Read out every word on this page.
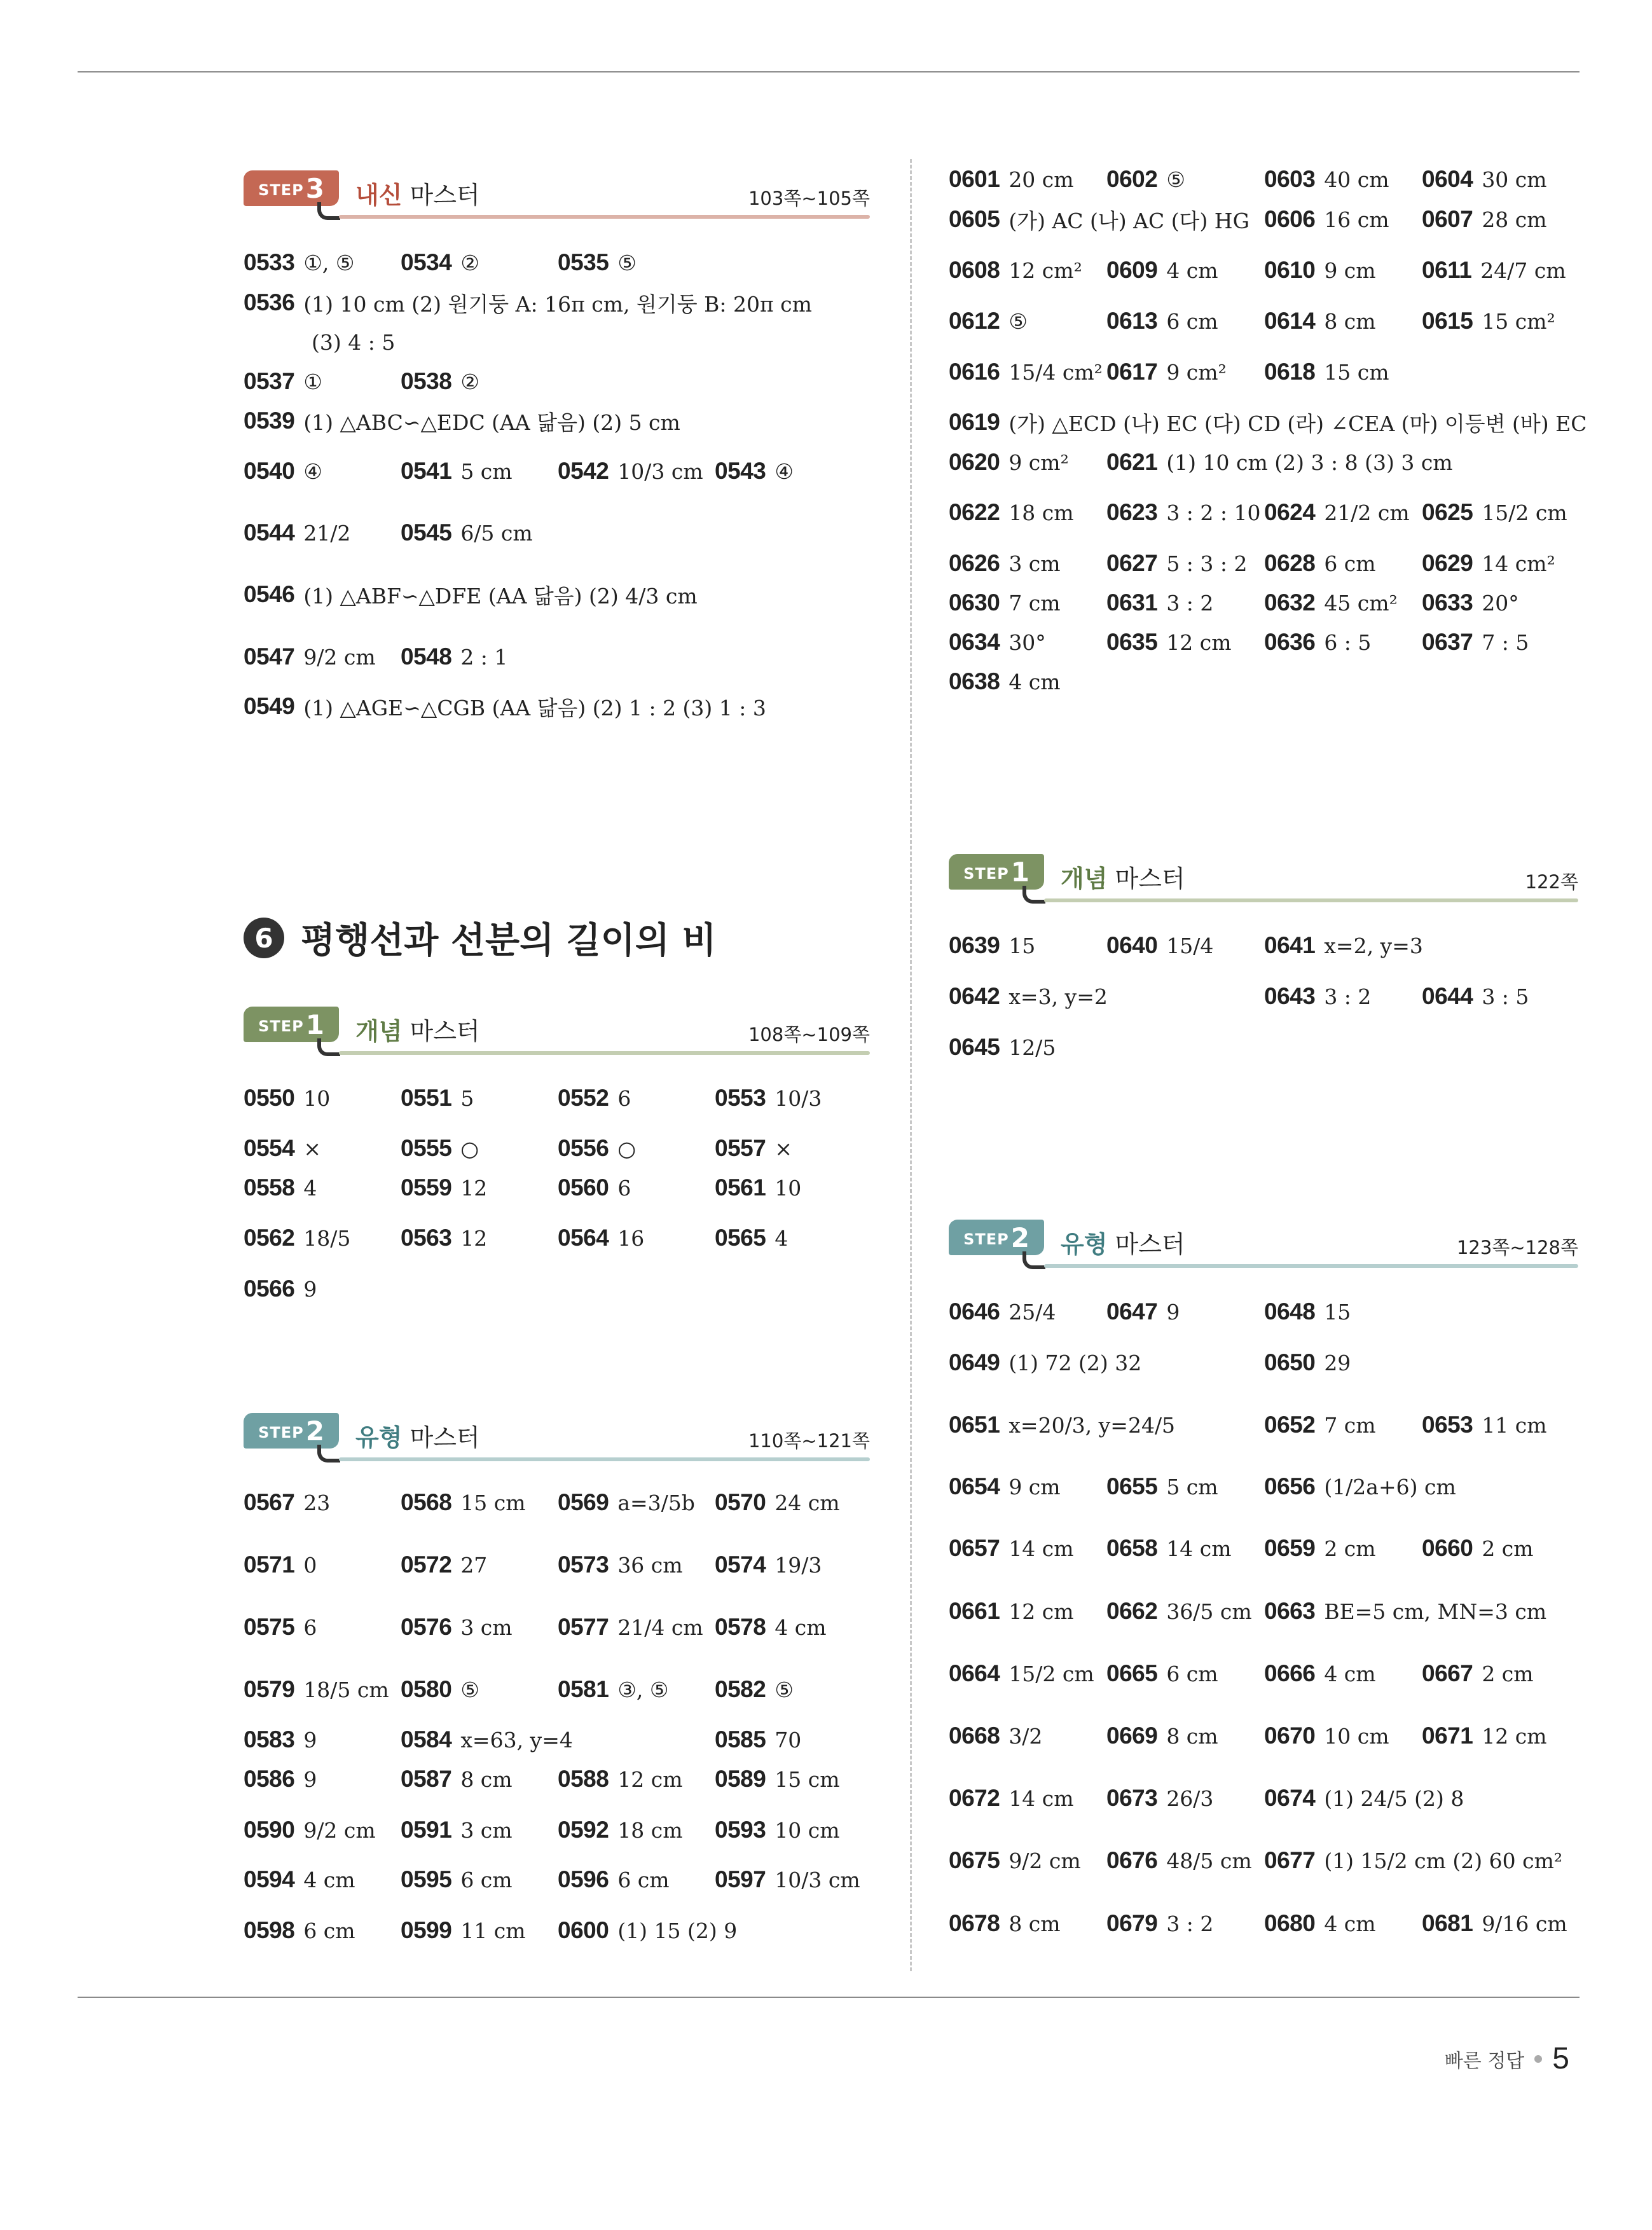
STEP 3 내신 마스터	103쪽~105쪽
6 평행선과 선분의 길이의 비
STEP 1 개념 마스터	108쪽~109쪽
STEP 2 유형 마스터	110쪽~121쪽
STEP 1 개념 마스터	122쪽
STEP 2 유형 마스터	123쪽~128쪽
0533 ①, ⑤ 0534 ②	0535 ⑤
0536 (1) 10 cm (2) 원기둥 A: 16π cm, 원기둥 B: 20π cm
(3) 4 : 5
0537 ①	0538 ②
0539 (1) △ABC∽△EDC (AA 닮음) (2) 5 cm
0540 ④	0541 5 cm 0542 10/3 cm 0543 ④
0544 21/2 0545 6/5 cm
0546 (1) △ABF∽△DFE (AA 닮음) (2) 4/3 cm
0547 9/2 cm 0548 2 : 1
0549 (1) △AGE∽△CGB (AA 닮음) (2) 1 : 2 (3) 1 : 3
0550 10	0551 5	0552 6	0553 10/3
0554 ×	0555 ○	0556 ○	0557 ×
0558 4	0559 12	0560 6	0561 10
0562 18/5 0563 12	0564 16	0565 4
0566 9
0567 23	0568 15 cm 0569 a=3/5b 0570 24 cm
0571 0	0572 27	0573 36 cm 0574 19/3
0575 6	0576 3 cm 0577 21/4 cm 0578 4 cm
0579 18/5 cm 0580 ⑤	0581 ③, ⑤ 0582 ⑤
0583 9	0584 x=63, y=4	0585 70
0586 9	0587 8 cm 0588 12 cm 0589 15 cm
0590 9/2 cm 0591 3 cm 0592 18 cm 0593 10 cm
0594 4 cm 0595 6 cm 0596 6 cm 0597 10/3 cm
0598 6 cm 0599 11 cm 0600 (1) 15 (2) 9
0601 20 cm 0602 ⑤	0603 40 cm 0604 30 cm
0605 (가) AC (나) AC (다) HG 0606 16 cm 0607 28 cm
0608 12 cm² 0609 4 cm 0610 9 cm 0611 24/7 cm
0612 ⑤	0613 6 cm 0614 8 cm 0615 15 cm²
0616 15/4 cm² 0617 9 cm² 0618 15 cm
0619 (가) △ECD (나) EC (다) CD (라) ∠CEA (마) 이등변 (바) EC
0620 9 cm² 0621 (1) 10 cm (2) 3 : 8 (3) 3 cm
0622 18 cm 0623 3 : 2 : 10 0624 21/2 cm 0625 15/2 cm
0626 3 cm 0627 5 : 3 : 2 0628 6 cm 0629 14 cm²
0630 7 cm 0631 3 : 2 0632 45 cm² 0633 20°
0634 30°	0635 12 cm 0636 6 : 5 0637 7 : 5
0638 4 cm
0639 15	0640 15/4 0641 x=2, y=3
0642 x=3, y=2	0643 3 : 2 0644 3 : 5
0645 12/5
0646 25/4 0647 9	0648 15
0649 (1) 72 (2) 32	0650 29
0651 x=20/3, y=24/5	0652 7 cm 0653 11 cm
0654 9 cm 0655 5 cm 0656 (1/2a+6) cm
0657 14 cm 0658 14 cm 0659 2 cm 0660 2 cm
0661 12 cm 0662 36/5 cm 0663 BE=5 cm, MN=3 cm
0664 15/2 cm 0665 6 cm 0666 4 cm 0667 2 cm
0668 3/2	0669 8 cm 0670 10 cm 0671 12 cm
0672 14 cm 0673 26/3 0674 (1) 24/5 (2) 8
0675 9/2 cm 0676 48/5 cm 0677 (1) 15/2 cm (2) 60 cm²
0678 8 cm 0679 3 : 2 0680 4 cm 0681 9/16 cm
빠른 정답 5
